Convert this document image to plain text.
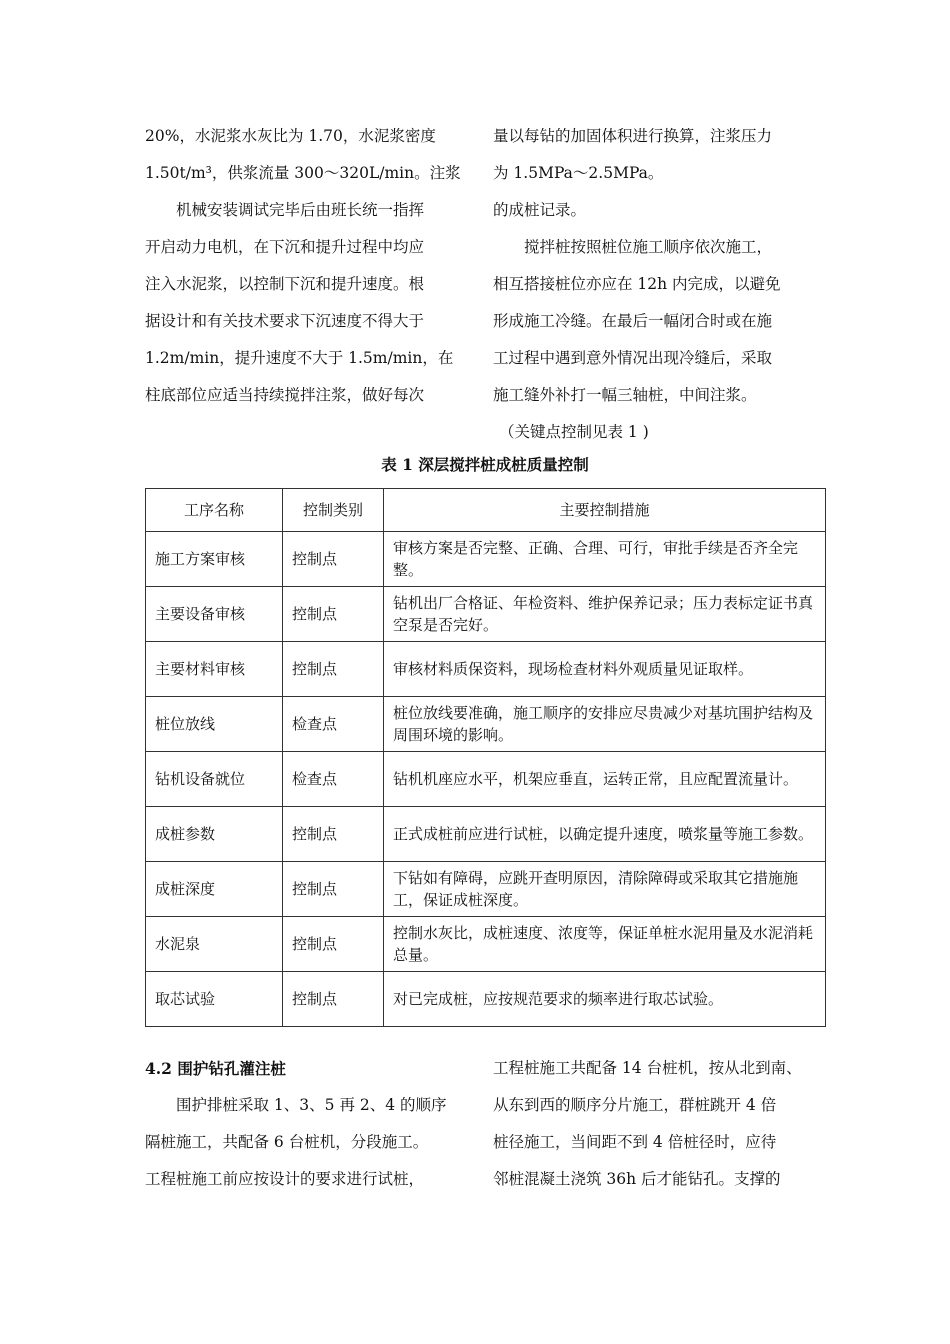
20%，水泥浆水灰比为 1.70，水泥浆密度

1.50t/m³，供浆流量 300～320L/min。注浆

机械安装调试完毕后由班长统一指挥

开启动力电机，在下沉和提升过程中均应

注入水泥浆，以控制下沉和提升速度。根

据设计和有关技术要求下沉速度不得大于

1.2m/min，提升速度不大于 1.5m/min，在

柱底部位应适当持续搅拌注浆，做好每次

量以每钻的加固体积进行换算，注浆压力

为 1.5MPa～2.5MPa。

的成桩记录。

搅拌桩按照桩位施工顺序依次施工，

相互搭接桩位亦应在 12h 内完成，以避免

形成施工冷缝。在最后一幅闭合时或在施

工过程中遇到意外情况出现冷缝后，采取

施工缝外补打一幅三轴桩，中间注浆。

（关键点控制见表 1 )

表 1 深层搅拌桩成桩质量控制
工序名称	控制类别	主要控制措施
施工方案审核	控制点	审核方案是否完整、正确、合理、可行，审批手续是否齐全完整。
主要设备审核	控制点	钻机出厂合格证、年检资料、维护保养记录；压力表标定证书真空泵是否完好。
主要材料审核	控制点	审核材料质保资料，现场检查材料外观质量见证取样。
桩位放线	检查点	桩位放线要准确，施工顺序的安排应尽贵减少对基坑围护结构及周围环境的影响。
钻机设备就位	检查点	钻机机座应水平，机架应垂直，运转正常，且应配置流量计。
成桩参数	控制点	正式成桩前应进行试桩，以确定提升速度，喷浆量等施工参数。
成桩深度	控制点	下钻如有障碍，应跳开查明原因，清除障碍或采取其它措施施工，保证成桩深度。
水泥泉	控制点	控制水灰比，成桩速度、浓度等，保证单桩水泥用量及水泥消耗总量。
取芯试验	控制点	对已完成桩，应按规范要求的频率进行取芯试验。

4.2 围护钻孔灌注桩

围护排桩采取 1、3、5 再 2、4 的顺序

隔桩施工，共配备 6 台桩机，分段施工。

工程桩施工前应按设计的要求进行试桩，

工程桩施工共配备 14 台桩机，按从北到南、

从东到西的顺序分片施工，群桩跳开 4 倍

桩径施工，当间距不到 4 倍桩径时，应待

邻桩混凝土浇筑 36h 后才能钻孔。支撑的
